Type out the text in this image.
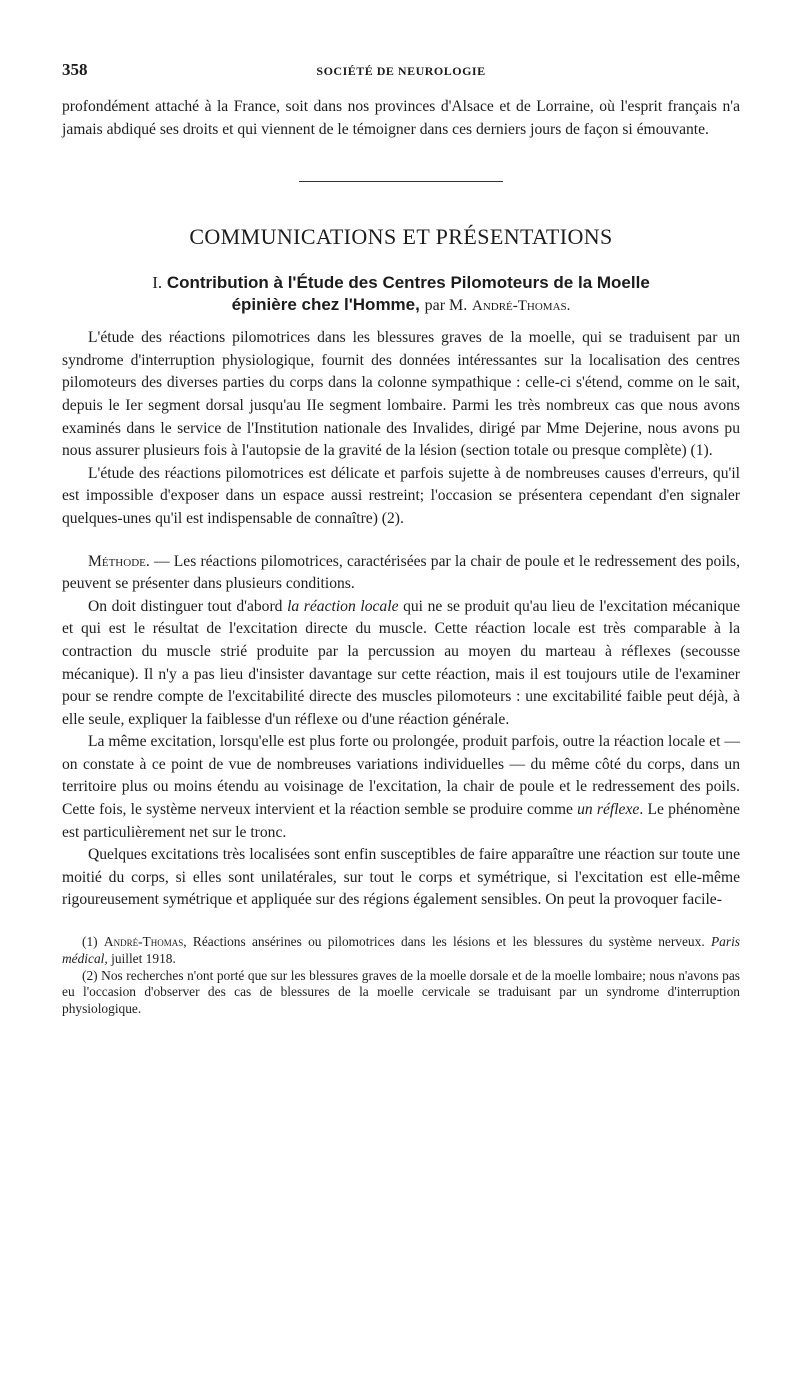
358	SOCIÉTÉ DE NEUROLOGIE

profondément attaché à la France, soit dans nos provinces d'Alsace et de Lorraine, où l'esprit français n'a jamais abdiqué ses droits et qui viennent de le témoigner dans ces derniers jours de façon si émouvante.

COMMUNICATIONS ET PRÉSENTATIONS
I. Contribution à l'Étude des Centres Pilomoteurs de la Moelle
épinière chez l'Homme, par M. André-Thomas.

L'étude des réactions pilomotrices dans les blessures graves de la moelle, qui se traduisent par un syndrome d'interruption physiologique, fournit des données intéressantes sur la localisation des centres pilomoteurs des diverses parties du corps dans la colonne sympathique : celle-ci s'étend, comme on le sait, depuis le Ier segment dorsal jusqu'au IIe segment lombaire. Parmi les très nombreux cas que nous avons examinés dans le service de l'Institution nationale des Invalides, dirigé par Mme Dejerine, nous avons pu nous assurer plusieurs fois à l'autopsie de la gravité de la lésion (section totale ou presque complète) (1).

L'étude des réactions pilomotrices est délicate et parfois sujette à de nombreuses causes d'erreurs, qu'il est impossible d'exposer dans un espace aussi restreint; l'occasion se présentera cependant d'en signaler quelques-unes qu'il est indispensable de connaître) (2).

Méthode. — Les réactions pilomotrices, caractérisées par la chair de poule et le redressement des poils, peuvent se présenter dans plusieurs conditions.

On doit distinguer tout d'abord la réaction locale qui ne se produit qu'au lieu de l'excitation mécanique et qui est le résultat de l'excitation directe du muscle. Cette réaction locale est très comparable à la contraction du muscle strié produite par la percussion au moyen du marteau à réflexes (secousse mécanique). Il n'y a pas lieu d'insister davantage sur cette réaction, mais il est toujours utile de l'examiner pour se rendre compte de l'excitabilité directe des muscles pilomoteurs : une excitabilité faible peut déjà, à elle seule, expliquer la faiblesse d'un réflexe ou d'une réaction générale.

La même excitation, lorsqu'elle est plus forte ou prolongée, produit parfois, outre la réaction locale et — on constate à ce point de vue de nombreuses variations individuelles — du même côté du corps, dans un territoire plus ou moins étendu au voisinage de l'excitation, la chair de poule et le redressement des poils. Cette fois, le système nerveux intervient et la réaction semble se produire comme un réflexe. Le phénomène est particulièrement net sur le tronc.

Quelques excitations très localisées sont enfin susceptibles de faire apparaître une réaction sur toute une moitié du corps, si elles sont unilatérales, sur tout le corps et symétrique, si l'excitation est elle-même rigoureusement symétrique et appliquée sur des régions également sensibles. On peut la provoquer facile-

(1) André-Thomas, Réactions ansérines ou pilomotrices dans les lésions et les blessures du système nerveux. Paris médical, juillet 1918.

(2) Nos recherches n'ont porté que sur les blessures graves de la moelle dorsale et de la moelle lombaire; nous n'avons pas eu l'occasion d'observer des cas de blessures de la moelle cervicale se traduisant par un syndrome d'interruption physiologique.
